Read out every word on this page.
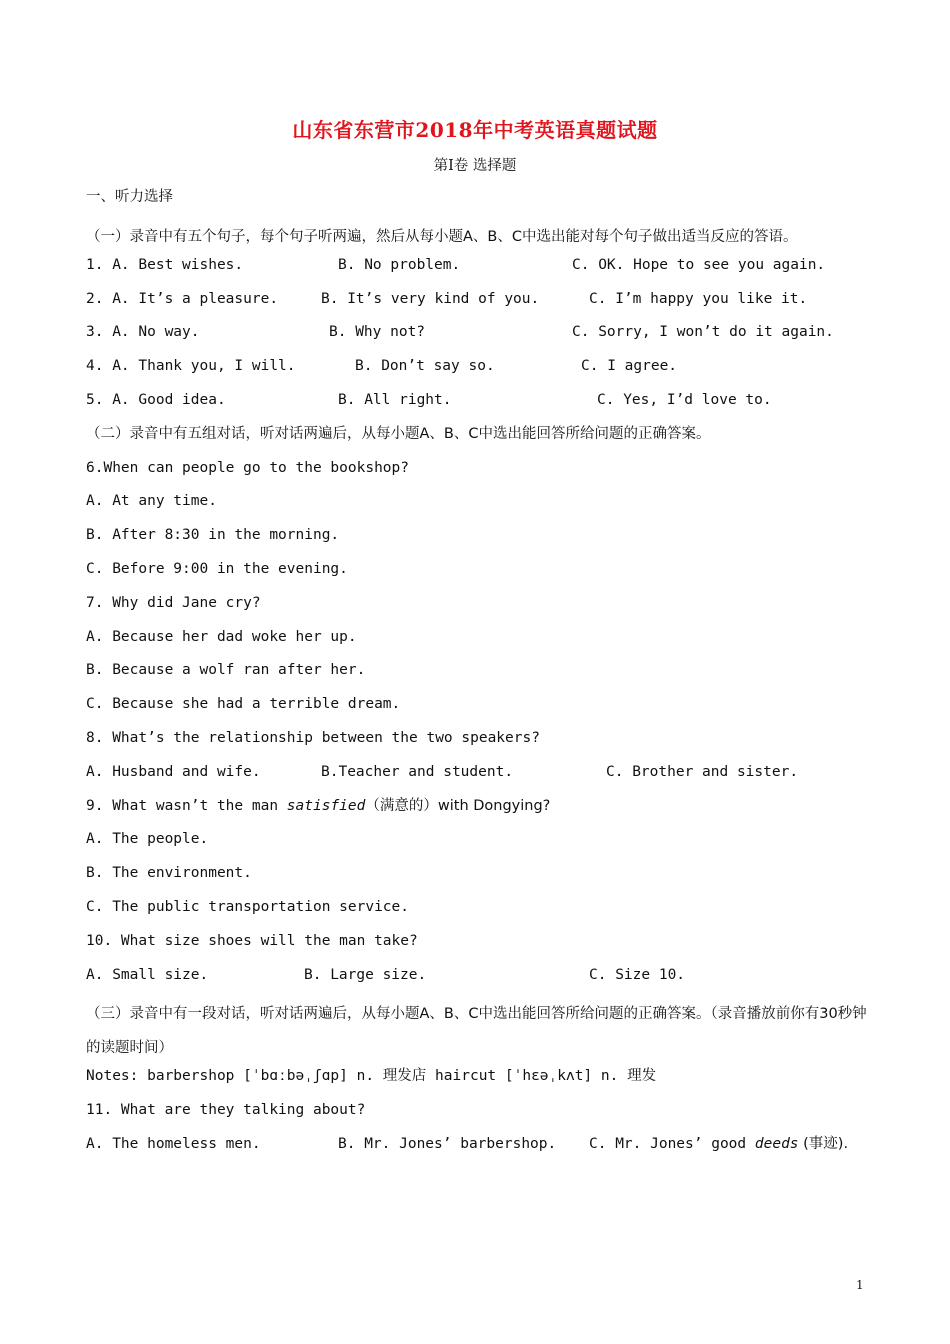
山东省东营市2018年中考英语真题试题
第Ⅰ卷 选择题
一、听力选择
（一）录音中有五个句子，每个句子听两遍，然后从每小题A、B、C中选出能对每个句子做出适当反应的答语。
1. A. Best wishes.	B. No problem.	C. OK. Hope to see you again.
2. A. It’s a pleasure.	B. It’s very kind of you.	C. I’m happy you like it.
3. A. No way.	B. Why not?	C. Sorry, I won’t do it again.
4. A. Thank you, I will.	B. Don’t say so.	C. I agree.
5. A. Good idea.	B. All right.	C. Yes, I’d love to.
（二）录音中有五组对话，听对话两遍后，从每小题A、B、C中选出能回答所给问题的正确答案。
6.When can people go to the bookshop?
A. At any time.
B. After 8:30 in the morning.
C. Before 9:00 in the evening.
7. Why did Jane cry?
A. Because her dad woke her up.
B. Because a wolf ran after her.
C. Because she had a terrible dream.
8. What’s the relationship between the two speakers?
A. Husband and wife.	B.Teacher and student.	C. Brother and sister.
9. What wasn’t the man satisfied（满意的）with Dongying?
A. The people.
B. The environment.
C. The public transportation service.
10. What size shoes will the man take?
A. Small size.	B. Large size.	C. Size 10.
（三）录音中有一段对话，听对话两遍后，从每小题A、B、C中选出能回答所给问题的正确答案。（录音播放前你有30秒钟的读题时间）
Notes: barbershop [ˈbɑːbəˌʃɑp] n. 理发店 haircut [ˈhɛəˌkʌt] n. 理发
11. What are they talking about?
A. The homeless men.	B. Mr. Jones’ barbershop. C. Mr. Jones’ good deeds (事迹).
1
